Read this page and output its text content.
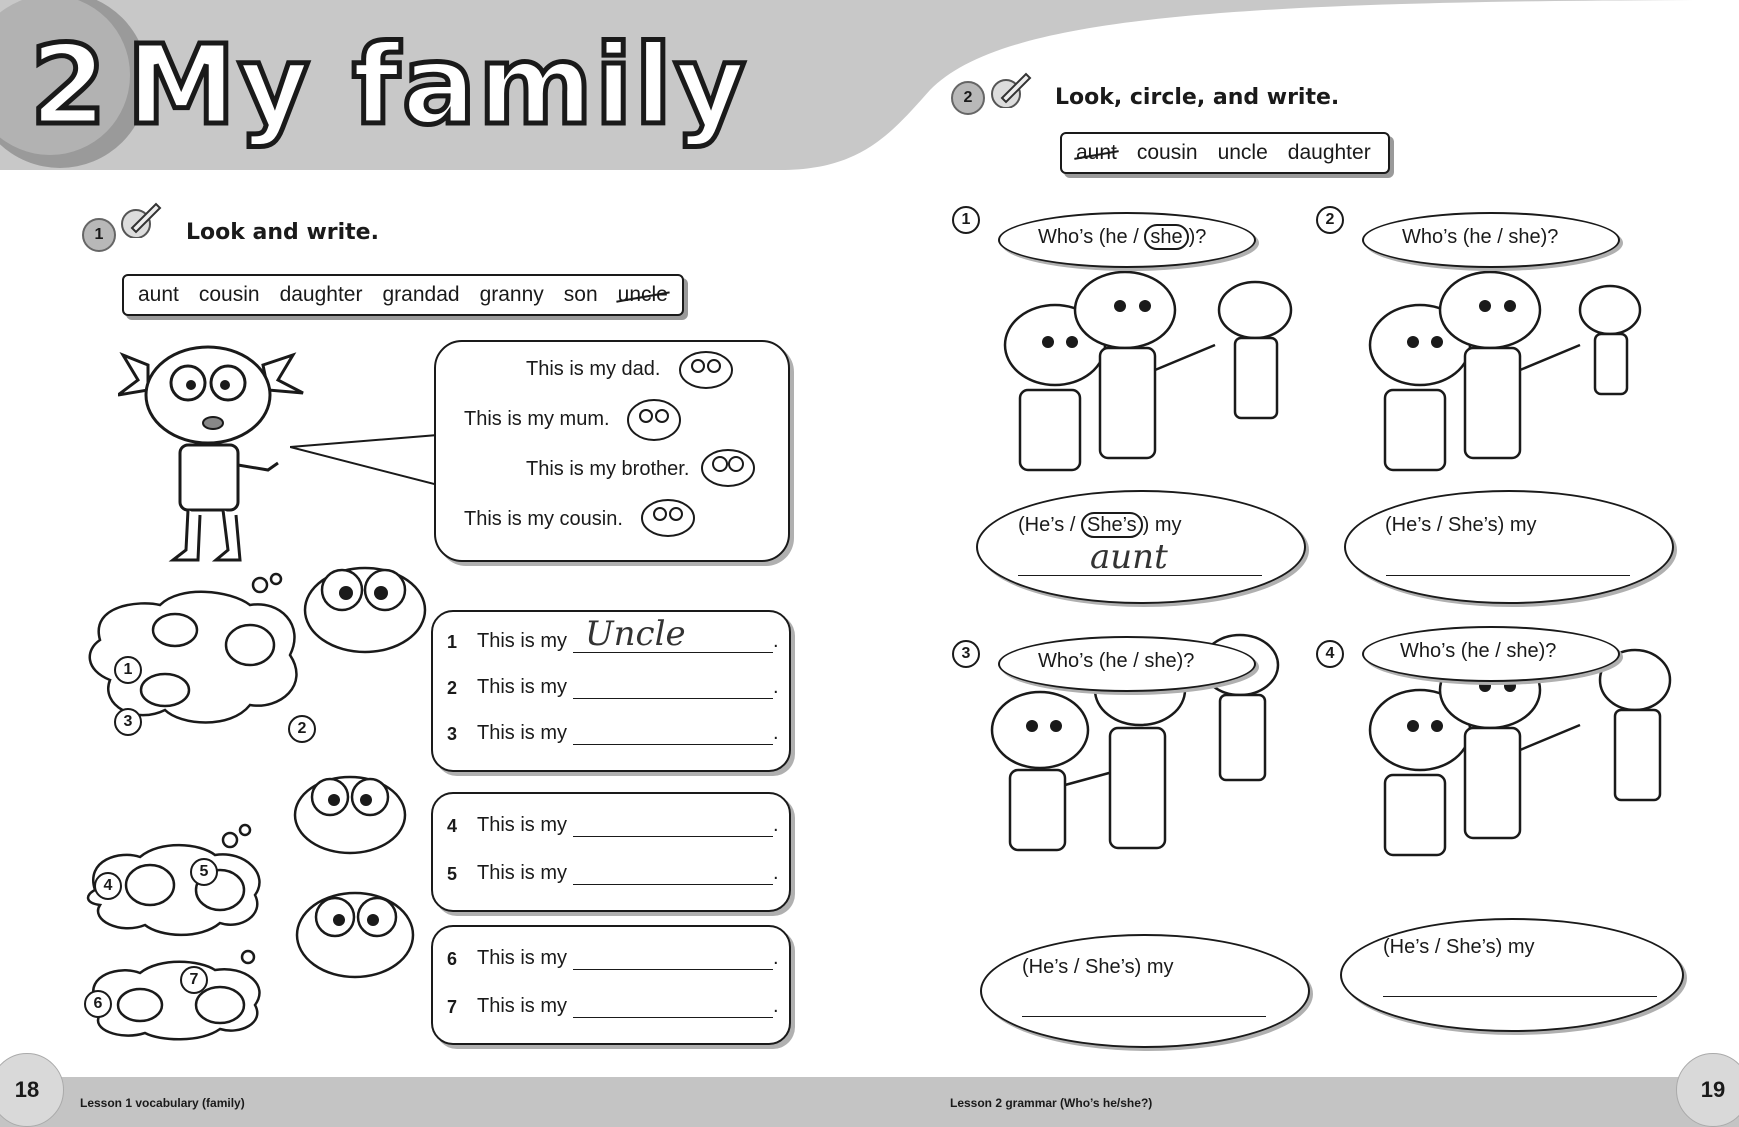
2 My family
1	Look and write.
aunt cousin daughter grandad granny son uncle
This is my dad.
This is my mum.
This is my brother.
This is my cousin.
1
2
3
4
5
6
7
1 This is my Uncle	.
2 This is my	.
3 This is my	.
4 This is my	.
5 This is my	.
6 This is my	.
7 This is my	.
2	Look, circle, and write.
aunt cousin uncle daughter
1
Who’s (he / she )?
(He’s / She’s ) my
aunt
2
Who’s (he / she)?
(He’s / She’s) my
3	Who’s (he / she)?
(He’s / She’s) my
4	Who’s (he / she)?
(He’s / She’s) my
18	19
Lesson 1 vocabulary (family)	Lesson 2 grammar (Who’s he/she?)
